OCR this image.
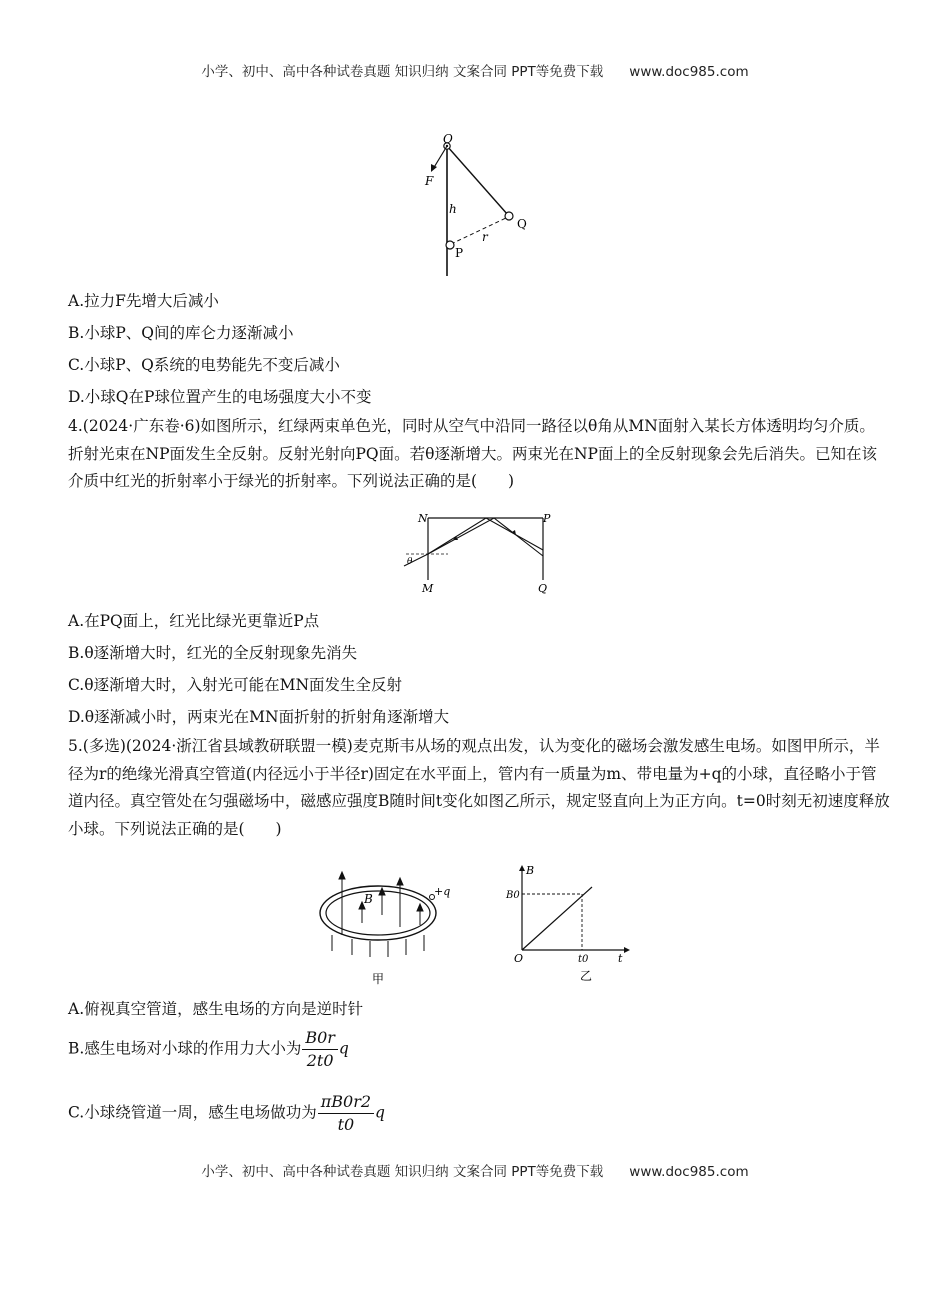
小学、初中、高中各种试卷真题 知识归纳 文案合同 PPT等免费下载 www.doc985.com
O
F
h
r
Q
P
A.拉力F先增大后减小
B.小球P、Q间的库仑力逐渐减小
C.小球P、Q系统的电势能先不变后减小
D.小球Q在P球位置产生的电场强度大小不变
4.(2024·广东卷·6)如图所示，红绿两束单色光，同时从空气中沿同一路径以θ角从MN面射入某长方体透明均匀介质。折射光束在NP面发生全反射。反射光射向PQ面。若θ逐渐增大。两束光在NP面上的全反射现象会先后消失。已知在该介质中红光的折射率小于绿光的折射率。下列说法正确的是(　　)
N	P
M	Q
θ
A.在PQ面上，红光比绿光更靠近P点
B.θ逐渐增大时，红光的全反射现象先消失
C.θ逐渐增大时，入射光可能在MN面发生全反射
D.θ逐渐减小时，两束光在MN面折射的折射角逐渐增大
5.(多选)(2024·浙江省县域教研联盟一模)麦克斯韦从场的观点出发，认为变化的磁场会激发感生电场。如图甲所示，半径为r的绝缘光滑真空管道(内径远小于半径r)固定在水平面上，管内有一质量为m、带电量为+q的小球，直径略小于管道内径。真空管处在匀强磁场中，磁感应强度B随时间t变化如图乙所示，规定竖直向上为正方向。t=0时刻无初速度释放小球。下列说法正确的是(　　)
B
+q
甲
B
B0
O	t0	t
乙
A.俯视真空管道，感生电场的方向是逆时针
B.感生电场对小球的作用力大小为 $\frac{B0r}{2t0}$ q
C.小球绕管道一周，感生电场做功为 $\frac{\pi B0r2}{t0}$ q
小学、初中、高中各种试卷真题 知识归纳 文案合同 PPT等免费下载 www.doc985.com
